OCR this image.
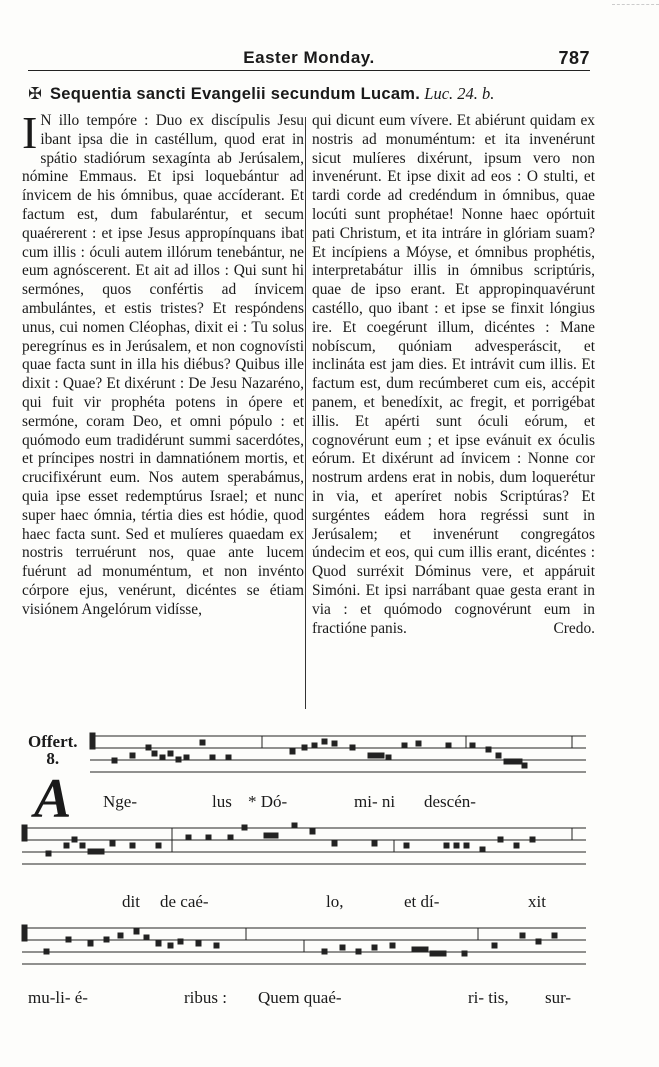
Easter Monday.	787
✠ Sequentia sancti Evangelii secundum Lucam. Luc. 24. b.
I N illo tempóre : Duo ex discípulis Jesu ibant ipsa die in castéllum, quod erat in spátio stadiórum sexagínta ab Jerúsalem, nómine Emmaus. Et ipsi loquebántur ad ínvicem de his ómnibus, quae accíderant. Et factum est, dum fabularéntur, et secum quaérerent : et ipse Jesus appropínquans ibat cum illis : óculi autem illórum tenebántur, ne eum agnóscerent. Et ait ad illos : Qui sunt hi sermónes, quos confértis ad ínvicem ambulántes, et estis tristes? Et respóndens unus, cui nomen Cléophas, dixit ei : Tu solus peregrínus es in Jerúsalem, et non cognovísti quae facta sunt in illa his diébus? Quibus ille dixit : Quae? Et dixérunt : De Jesu Nazaréno, qui fuit vir prophéta potens in ópere et sermóne, coram Deo, et omni pópulo : et quómodo eum tradidérunt summi sacerdótes, et príncipes nostri in damnatiónem mortis, et crucifixérunt eum. Nos autem sperabámus, quia ipse esset redemptúrus Israel; et nunc super haec ómnia, tértia dies est hódie, quod haec facta sunt. Sed et mulíeres quaedam ex nostris terruérunt nos, quae ante lucem fuérunt ad monuméntum, et non invénto córpore ejus, venérunt, dicéntes se étiam visiónem Angelórum vidísse,
qui dicunt eum vívere. Et abiérunt quidam ex nostris ad monuméntum: et ita invenérunt sicut mulíeres dixérunt, ipsum vero non invenérunt. Et ipse dixit ad eos : O stulti, et tardi corde ad credéndum in ómnibus, quae locúti sunt prophétae! Nonne haec opórtuit pati Christum, et ita intráre in glóriam suam? Et incípiens a Móyse, et ómnibus prophétis, interpretabátur illis in ómnibus scriptúris, quae de ipso erant. Et appropinquavérunt castéllo, quo ibant : et ipse se finxit lóngius ire. Et coegérunt illum, dicéntes : Mane nobíscum, quóniam advesperáscit, et inclináta est jam dies. Et intrávit cum illis. Et factum est, dum recúmberet cum eis, accépit panem, et benedíxit, ac fregit, et porrigébat illis. Et apérti sunt óculi eórum, et cognovérunt eum ; et ipse evánuit ex óculis eórum. Et dixérunt ad ínvicem : Nonne cor nostrum ardens erat in nobis, dum loquerétur in via, et aperíret nobis Scriptúras? Et surgéntes eádem hora regréssi sunt in Jerúsalem; et invenérunt congregátos úndecim et eos, qui cum illis erant, dicéntes : Quod surréxit Dóminus vere, et appáruit Simóni. Et ipsi narrábant quae gesta erant in via : et quómodo cognovérunt eum in fractióne panis.	Credo.
Offert.
8.
A Nge-	lus * Dó-	mi- ni descén-
dit de caé-	lo,	et dí-	xit
mu-li- é-	ribus : Quem quaé-	ri- tis, sur-
